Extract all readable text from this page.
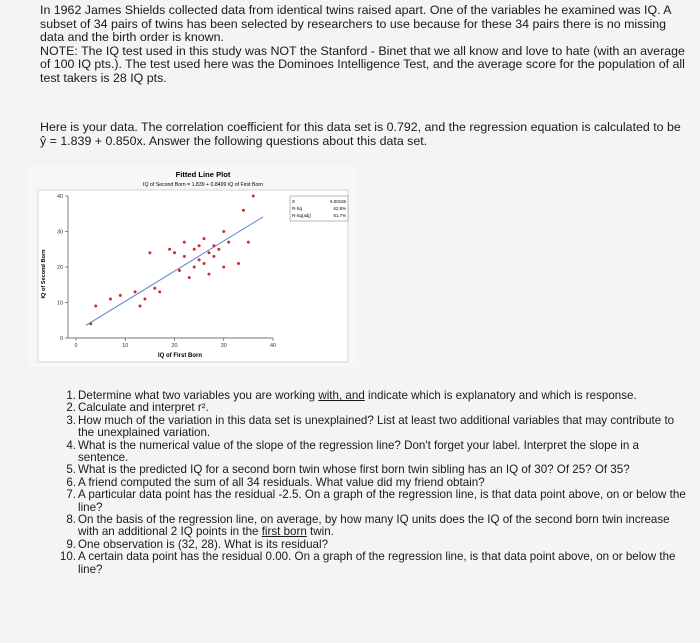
In 1962 James Shields collected data from identical twins raised apart. One of the variables he examined was IQ. A subset of 34 pairs of twins has been selected by researchers to use because for these 34 pairs there is no missing data and the birth order is known.

NOTE: The IQ test used in this study was NOT the Stanford - Binet that we all know and love to hate (with an average of 100 IQ pts.). The test used here was the Dominoes Intelligence Test, and the average score for the population of all test takers is 28 IQ pts.

Here is your data. The correlation coefficient for this data set is 0.792, and the regression equation is calculated to be
ŷ = 1.839 + 0.850x. Answer the following questions about this data set.

Fitted Line Plot
IQ of Second Born = 1.839 + 0.8499 IQ of First Born
IQ of First Born
IQ of Second Born
0	10	20	30	40
0
10
20
30
40
S	6.00165
R-Sq	62.8%
R-Sq(adj)	61.7%

1. Determine what two variables you are working with, and indicate which is explanatory and which is response.

2. Calculate and interpret r².

3. How much of the variation in this data set is unexplained? List at least two additional variables that may contribute to the unexplained variation.

4. What is the numerical value of the slope of the regression line? Don't forget your label. Interpret the slope in a sentence.

5. What is the predicted IQ for a second born twin whose first born twin sibling has an IQ of 30? Of 25? Of 35?

6. A friend computed the sum of all 34 residuals. What value did my friend obtain?

7. A particular data point has the residual -2.5. On a graph of the regression line, is that data point above, on or below the line?

8. On the basis of the regression line, on average, by how many IQ units does the IQ of the second born twin increase with an additional 2 IQ points in the first born twin.

9. One observation is (32, 28). What is its residual?

10. A certain data point has the residual 0.00. On a graph of the regression line, is that data point above, on or below the line?
